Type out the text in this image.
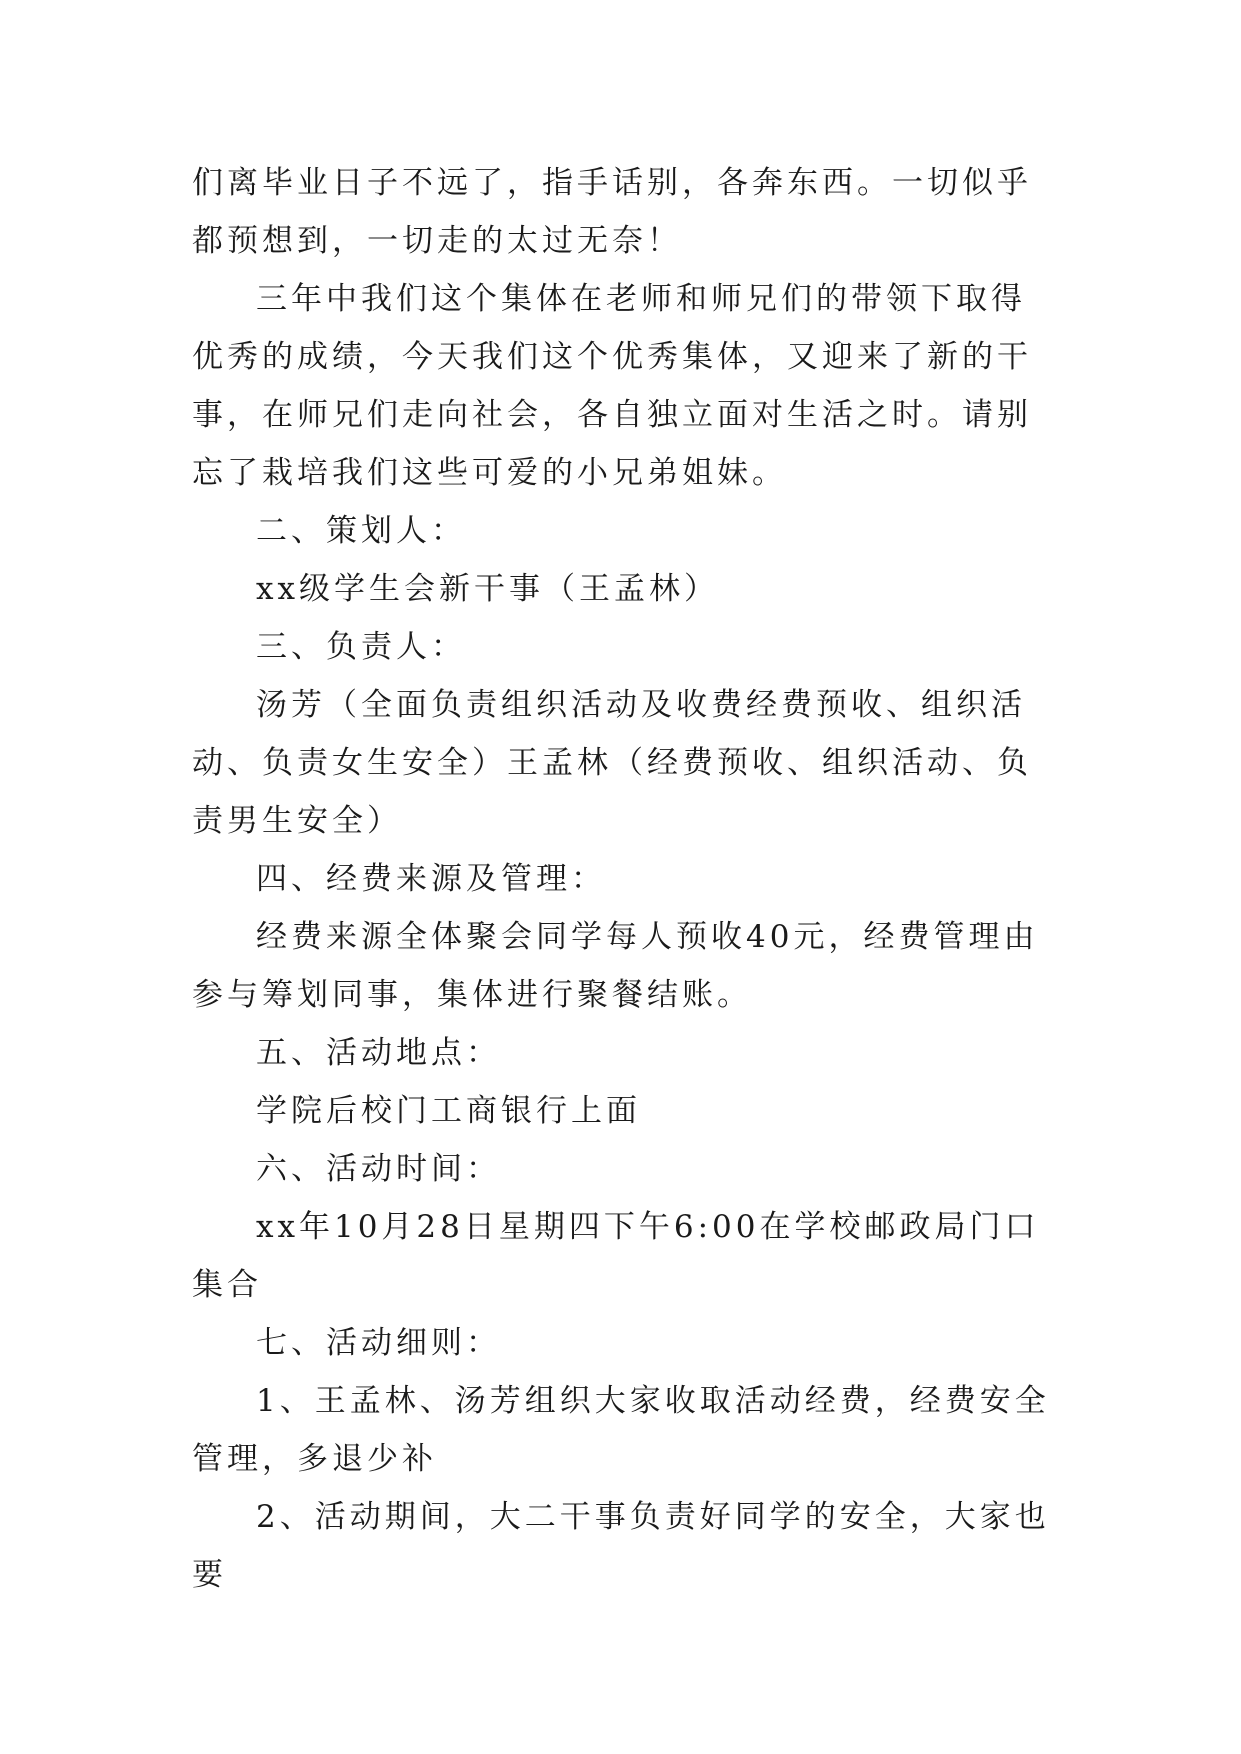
们离毕业日子不远了，指手话别，各奔东西。一切似乎都预想到，一切走的太过无奈！

三年中我们这个集体在老师和师兄们的带领下取得优秀的成绩，今天我们这个优秀集体，又迎来了新的干事，在师兄们走向社会，各自独立面对生活之时。请别忘了栽培我们这些可爱的小兄弟姐妹。

二、策划人：

xx级学生会新干事（王孟林）

三、负责人：

汤芳（全面负责组织活动及收费经费预收、组织活动、负责女生安全）王孟林（经费预收、组织活动、负责男生安全）

四、经费来源及管理：

经费来源全体聚会同学每人预收40元，经费管理由参与筹划同事，集体进行聚餐结账。

五、活动地点：

学院后校门工商银行上面

六、活动时间：

xx年10月28日星期四下午6:00在学校邮政局门口集合

七、活动细则：

1、王孟林、汤芳组织大家收取活动经费，经费安全管理，多退少补

2、活动期间，大二干事负责好同学的安全，大家也要
